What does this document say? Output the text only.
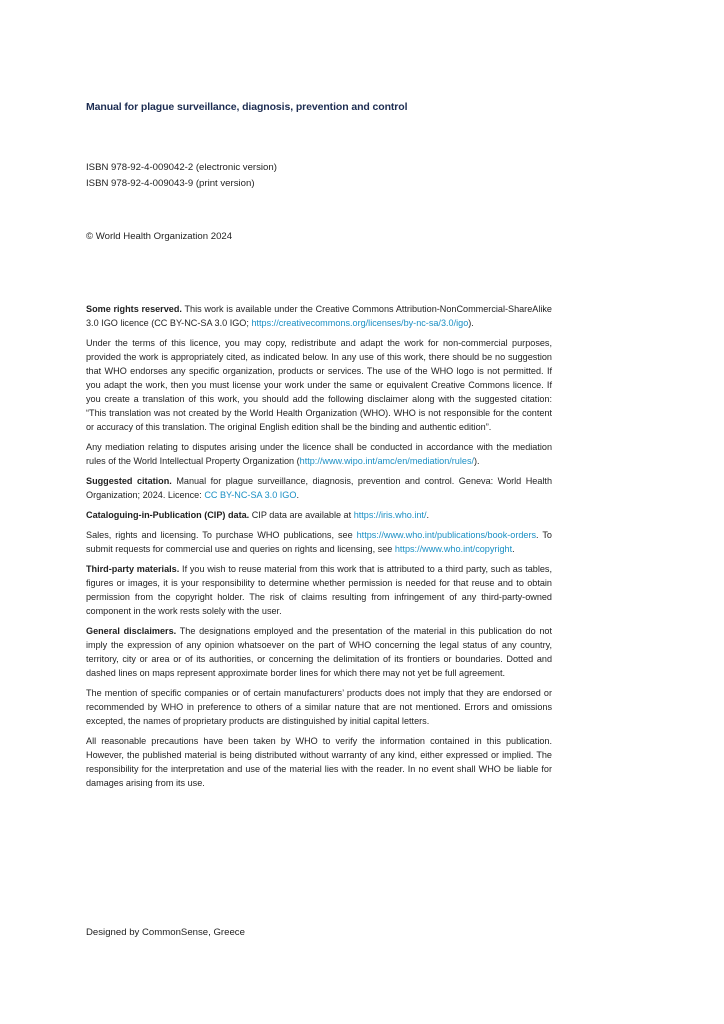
Manual for plague surveillance, diagnosis, prevention and control
ISBN 978-92-4-009042-2 (electronic version)
ISBN 978-92-4-009043-9 (print version)
© World Health Organization 2024

Some rights reserved. This work is available under the Creative Commons Attribution-NonCommercial-ShareAlike 3.0 IGO licence (CC BY-NC-SA 3.0 IGO; https://creativecommons.org/licenses/by-nc-sa/3.0/igo).

Under the terms of this licence, you may copy, redistribute and adapt the work for non-commercial purposes, provided the work is appropriately cited, as indicated below. In any use of this work, there should be no suggestion that WHO endorses any specific organization, products or services. The use of the WHO logo is not permitted. If you adapt the work, then you must license your work under the same or equivalent Creative Commons licence. If you create a translation of this work, you should add the following disclaimer along with the suggested citation: “This translation was not created by the World Health Organization (WHO). WHO is not responsible for the content or accuracy of this translation. The original English edition shall be the binding and authentic edition”.

Any mediation relating to disputes arising under the licence shall be conducted in accordance with the mediation rules of the World Intellectual Property Organization (http://www.wipo.int/amc/en/mediation/rules/).

Suggested citation. Manual for plague surveillance, diagnosis, prevention and control. Geneva: World Health Organization; 2024. Licence: CC BY-NC-SA 3.0 IGO.

Cataloguing-in-Publication (CIP) data. CIP data are available at https://iris.who.int/.

Sales, rights and licensing. To purchase WHO publications, see https://www.who.int/publications/book-orders. To submit requests for commercial use and queries on rights and licensing, see https://www.who.int/copyright.

Third-party materials. If you wish to reuse material from this work that is attributed to a third party, such as tables, figures or images, it is your responsibility to determine whether permission is needed for that reuse and to obtain permission from the copyright holder. The risk of claims resulting from infringement of any third-party-owned component in the work rests solely with the user.

General disclaimers. The designations employed and the presentation of the material in this publication do not imply the expression of any opinion whatsoever on the part of WHO concerning the legal status of any country, territory, city or area or of its authorities, or concerning the delimitation of its frontiers or boundaries. Dotted and dashed lines on maps represent approximate border lines for which there may not yet be full agreement.

The mention of specific companies or of certain manufacturers’ products does not imply that they are endorsed or recommended by WHO in preference to others of a similar nature that are not mentioned. Errors and omissions excepted, the names of proprietary products are distinguished by initial capital letters.

All reasonable precautions have been taken by WHO to verify the information contained in this publication. However, the published material is being distributed without warranty of any kind, either expressed or implied. The responsibility for the interpretation and use of the material lies with the reader. In no event shall WHO be liable for damages arising from its use.

Designed by CommonSense, Greece
